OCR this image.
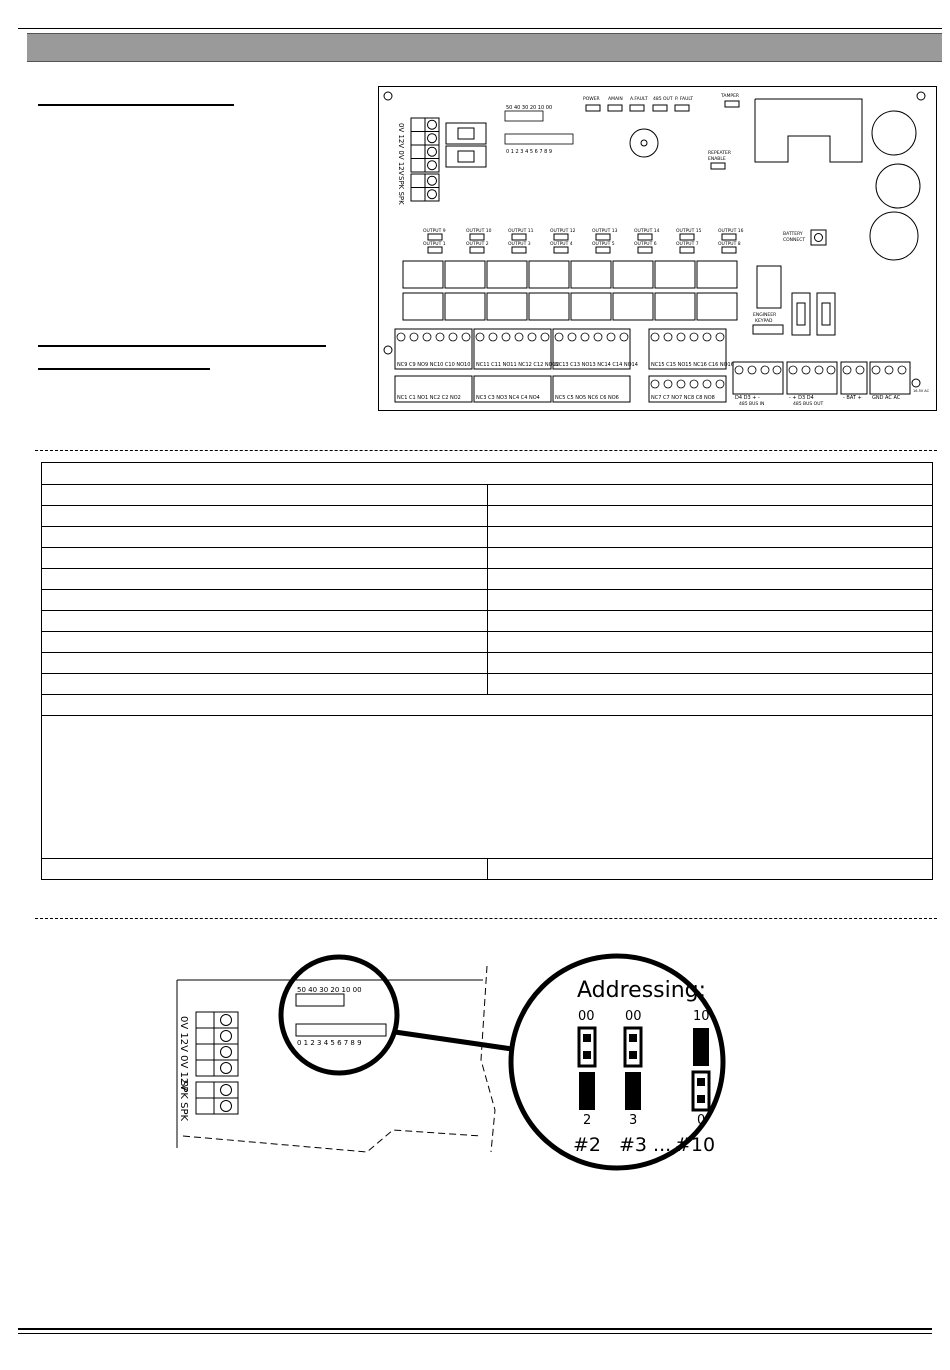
0V 12V 0V 12V
SPK SPK
50 40 30 20 10 00
0 1 2 3 4 5 6 7 8 9
POWER AMAIN A.FAULT 485 OUT P. FAULT
TAMPER
REPEATER
ENABLE
BATTERY
CONNECT
OUTPUT 9	OUTPUT 10	OUTPUT 11	OUTPUT 12	OUTPUT 13	OUTPUT 14	OUTPUT 15	OUTPUT 16
OUTPUT 1	OUTPUT 2	OUTPUT 3	OUTPUT 4	OUTPUT 5	OUTPUT 6	OUTPUT 7	OUTPUT 8
ENGINEER
KEYPAD
NC9 C9 NO9 NC10 C10 NO10 NC11 C11 NO11 NC12 C12 NO12
NC13 C13 NO13 NC14 C14 NO14	NC15 C15 NO15 NC16 C16 NO16
NC1 C1 NO1 NC2 C2 NO2	NC3 C3 NO3 NC4 C4 NO4	NC5 C5 NO5 NC6 C6 NO6	NC7 C7 NO7 NC8 C8 NO8	D4 D3 + -
485 BUS IN
- + D3 D4
485 BUS OUT
- BAT + GND AC AC
16.5V AC

0V 12V 0V 12V
SPK SPK
50 40 30 20 10 00
0 1 2 3 4 5 6 7 8 9
Addressing:
00 00	10
2	3	0
#2 #3 ... #10
